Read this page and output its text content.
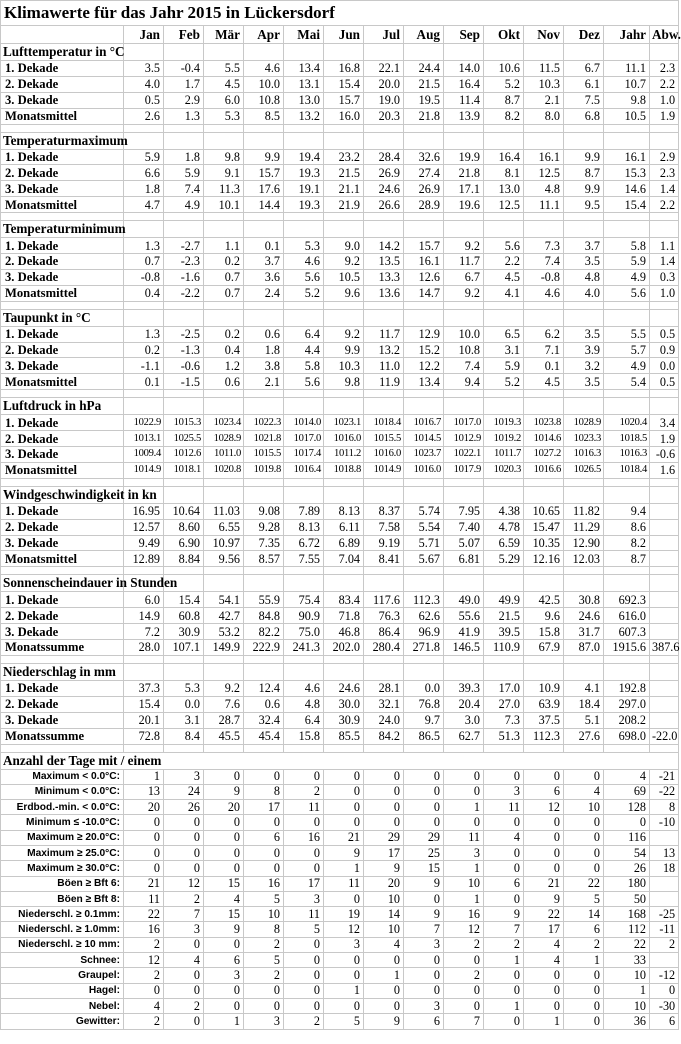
Klimawerte für das Jahr 2015 in Lückersdorf														
	Jan	Feb	Mär	Apr	Mai	Jun	Jul	Aug	Sep	Okt	Nov	Dez	Jahr	Abw.
Lufttemperatur in °C														
1. Dekade	3.5	-0.4	5.5	4.6	13.4	16.8	22.1	24.4	14.0	10.6	11.5	6.7	11.1	2.3
2. Dekade	4.0	1.7	4.5	10.0	13.1	15.4	20.0	21.5	16.4	5.2	10.3	6.1	10.7	2.2
3. Dekade	0.5	2.9	6.0	10.8	13.0	15.7	19.0	19.5	11.4	8.7	2.1	7.5	9.8	1.0
Monatsmittel	2.6	1.3	5.3	8.5	13.2	16.0	20.3	21.8	13.9	8.2	8.0	6.8	10.5	1.9

Temperaturmaximum														
1. Dekade	5.9	1.8	9.8	9.9	19.4	23.2	28.4	32.6	19.9	16.4	16.1	9.9	16.1	2.9
2. Dekade	6.6	5.9	9.1	15.7	19.3	21.5	26.9	27.4	21.8	8.1	12.5	8.7	15.3	2.3
3. Dekade	1.8	7.4	11.3	17.6	19.1	21.1	24.6	26.9	17.1	13.0	4.8	9.9	14.6	1.4
Monatsmittel	4.7	4.9	10.1	14.4	19.3	21.9	26.6	28.9	19.6	12.5	11.1	9.5	15.4	2.2

Temperaturminimum														
1. Dekade	1.3	-2.7	1.1	0.1	5.3	9.0	14.2	15.7	9.2	5.6	7.3	3.7	5.8	1.1
2. Dekade	0.7	-2.3	0.2	3.7	4.6	9.2	13.5	16.1	11.7	2.2	7.4	3.5	5.9	1.4
3. Dekade	-0.8	-1.6	0.7	3.6	5.6	10.5	13.3	12.6	6.7	4.5	-0.8	4.8	4.9	0.3
Monatsmittel	0.4	-2.2	0.7	2.4	5.2	9.6	13.6	14.7	9.2	4.1	4.6	4.0	5.6	1.0

Taupunkt in °C														
1. Dekade	1.3	-2.5	0.2	0.6	6.4	9.2	11.7	12.9	10.0	6.5	6.2	3.5	5.5	0.5
2. Dekade	0.2	-1.3	0.4	1.8	4.4	9.9	13.2	15.2	10.8	3.1	7.1	3.9	5.7	0.9
3. Dekade	-1.1	-0.6	1.2	3.8	5.8	10.3	11.0	12.2	7.4	5.9	0.1	3.2	4.9	0.0
Monatsmittel	0.1	-1.5	0.6	2.1	5.6	9.8	11.9	13.4	9.4	5.2	4.5	3.5	5.4	0.5

Luftdruck in hPa														
1. Dekade	1022.9	1015.3	1023.4	1022.3	1014.0	1023.1	1018.4	1016.7	1017.0	1019.3	1023.8	1028.9	1020.4	3.4
2. Dekade	1013.1	1025.5	1028.9	1021.8	1017.0	1016.0	1015.5	1014.5	1012.9	1019.2	1014.6	1023.3	1018.5	1.9
3. Dekade	1009.4	1012.6	1011.0	1015.5	1017.4	1011.2	1016.0	1023.7	1022.1	1011.7	1027.2	1016.3	1016.3	-0.6
Monatsmittel	1014.9	1018.1	1020.8	1019.8	1016.4	1018.8	1014.9	1016.0	1017.9	1020.3	1016.6	1026.5	1018.4	1.6

Windgeschwindigkeit in kn														
1. Dekade	16.95	10.64	11.03	9.08	7.89	8.13	8.37	5.74	7.95	4.38	10.65	11.82	9.4	
2. Dekade	12.57	8.60	6.55	9.28	8.13	6.11	7.58	5.54	7.40	4.78	15.47	11.29	8.6	
3. Dekade	9.49	6.90	10.97	7.35	6.72	6.89	9.19	5.71	5.07	6.59	10.35	12.90	8.2	
Monatsmittel	12.89	8.84	9.56	8.57	7.55	7.04	8.41	5.67	6.81	5.29	12.16	12.03	8.7	

Sonnenscheindauer in Stunden														
1. Dekade	6.0	15.4	54.1	55.9	75.4	83.4	117.6	112.3	49.0	49.9	42.5	30.8	692.3	
2. Dekade	14.9	60.8	42.7	84.8	90.9	71.8	76.3	62.6	55.6	21.5	9.6	24.6	616.0	
3. Dekade	7.2	30.9	53.2	82.2	75.0	46.8	86.4	96.9	41.9	39.5	15.8	31.7	607.3	
Monatssumme	28.0	107.1	149.9	222.9	241.3	202.0	280.4	271.8	146.5	110.9	67.9	87.0	1915.6	387.6

Niederschlag in mm														
1. Dekade	37.3	5.3	9.2	12.4	4.6	24.6	28.1	0.0	39.3	17.0	10.9	4.1	192.8	
2. Dekade	15.4	0.0	7.6	0.6	4.8	30.0	32.1	76.8	20.4	27.0	63.9	18.4	297.0	
3. Dekade	20.1	3.1	28.7	32.4	6.4	30.9	24.0	9.7	3.0	7.3	37.5	5.1	208.2	
Monatssumme	72.8	8.4	45.5	45.4	15.8	85.5	84.2	86.5	62.7	51.3	112.3	27.6	698.0	-22.0

Anzahl der Tage mit / einem														
Maximum < 0.0°C:	1	3	0	0	0	0	0	0	0	0	0	0	4	-21
Minimum < 0.0°C:	13	24	9	8	2	0	0	0	0	3	6	4	69	-22
Erdbod.-min. < 0.0°C:	20	26	20	17	11	0	0	0	1	11	12	10	128	8
Minimum ≤ -10.0°C:	0	0	0	0	0	0	0	0	0	0	0	0	0	-10
Maximum ≥ 20.0°C:	0	0	0	6	16	21	29	29	11	4	0	0	116	
Maximum ≥ 25.0°C:	0	0	0	0	0	9	17	25	3	0	0	0	54	13
Maximum ≥ 30.0°C:	0	0	0	0	0	1	9	15	1	0	0	0	26	18
Böen ≥ Bft 6:	21	12	15	16	17	11	20	9	10	6	21	22	180	
Böen ≥ Bft 8:	11	2	4	5	3	0	10	0	1	0	9	5	50	
Niederschl. ≥ 0.1mm:	22	7	15	10	11	19	14	9	16	9	22	14	168	-25
Niederschl. ≥ 1.0mm:	16	3	9	8	5	12	10	7	12	7	17	6	112	-11
Niederschl. ≥ 10 mm:	2	0	0	2	0	3	4	3	2	2	4	2	22	2
Schnee:	12	4	6	5	0	0	0	0	0	1	4	1	33	
Graupel:	2	0	3	2	0	0	1	0	2	0	0	0	10	-12
Hagel:	0	0	0	0	0	1	0	0	0	0	0	0	1	0
Nebel:	4	2	0	0	0	0	0	3	0	1	0	0	10	-30
Gewitter:	2	0	1	3	2	5	9	6	7	0	1	0	36	6
